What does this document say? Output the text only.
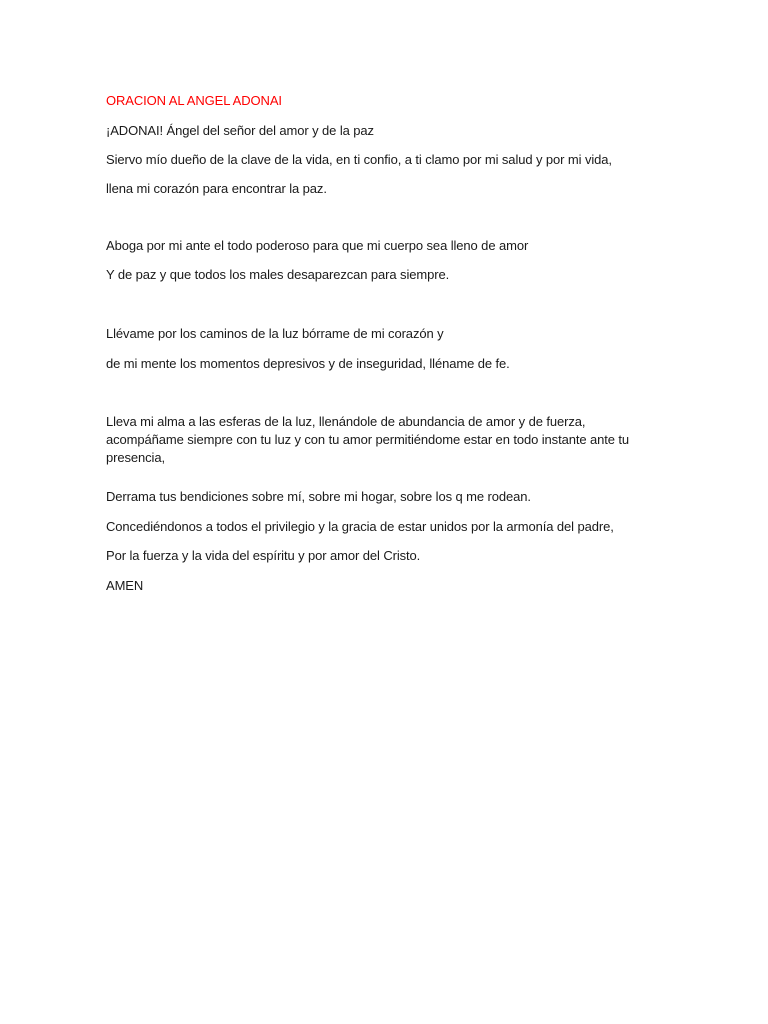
ORACION AL ANGEL ADONAI

¡ADONAI! Ángel del señor del amor y de la paz

Siervo mío dueño de la clave de la vida, en ti confio, a ti clamo por mi salud y por mi vida,

llena mi corazón para encontrar la paz.

Aboga por mi ante el todo poderoso para que mi cuerpo sea lleno de amor

Y de paz y que todos los males desaparezcan para siempre.

Llévame por los caminos de la luz bórrame de mi corazón y

de mi mente los momentos depresivos y de inseguridad, lléname de fe.

Lleva mi alma a las esferas de la luz, llenándole de abundancia de amor y de fuerza, acompáñame siempre con tu luz y con tu amor permitiéndome estar en todo instante ante tu presencia,

Derrama tus bendiciones sobre mí, sobre mi hogar, sobre los q me rodean.

Concediéndonos a todos el privilegio y la gracia de estar unidos por la armonía del padre,

Por la fuerza y la vida del espíritu y por amor del Cristo.

AMEN
